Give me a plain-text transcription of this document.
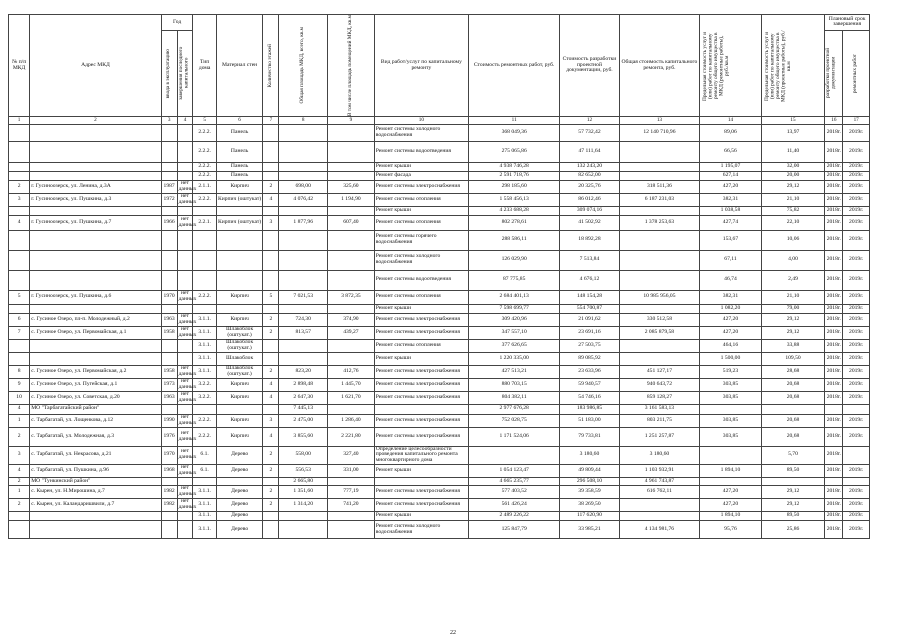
№ п/п МКД	Адрес МКД	Год		Тип дома	Материал стен	Количество этажей	Общая площадь МКД, всего, кв.м	В том числе площадь помещений МКД, кв.м	Вид работ/услуг по капитальному ремонту	Стоимость ремонтных работ, руб.	Стоимость разработки проектной документации, руб.	Общая стоимость капитального ремонта, руб.	Предельная стоимость услуг и (или) работ по капитальному ремонту общего имущества в МКД (ремонтные работы), руб./кв.м	Предельная стоимость услуг и (или) работ по капитальному ремонту общего имущества в МКД (проектные работы), руб./кв.м	Плановый срок завершения	

		ввода в эксплуатацию	завершения последнего капитального												разработки проектной документации	ремонтных работ

1	2	3	4	5	6	7	8	9	10	11	12	13	14	15	16	17
				2.2.2.	Панель				Ремонт системы холодного водоснабжения	368 049,36	57 732,42	12 140 710,96	89,06	13,97	2018г.	2019г.
				2.2.2.	Панель				Ремонт системы водоотведения	275 065,86	47 111,64		66,56	11,40	2018г.	2019г.
				2.2.2.	Панель				Ремонт крыши	4 938 746,28	132 243,20		1 195,07	32,00	2018г.	2019г.
				2.2.2.	Панель				Ремонт фасада	2 591 718,76	82 652,00		627,14	20,00	2018г.	2019г.
2	г. Гусиноозерск, ул. Ленина, д.3А	1987	нет данных	2.1.1.	Кирпич	2	698,00	325,60	Ремонт системы электроснабжения	298 185,60	20 325,76	318 511,36	427,20	29,12	2018г.	2019г.
3	г. Гусиноозерск, ул. Пушкина, д.3	1972	нет данных	2.2.2.	Кирпич (оштукат)	4	4 076,42	1 194,90	Ремонт системы отопления	1 558 456,13	86 012,46	6 187 231,03	382,31	21,10	2018г.	2019г.
									Ремонт крыши	4 233 688,28	309 074,16		1 038,58	75,82	2018г.	2019г.
4	г. Гусиноозерск, ул. Пушкина, д.7	1966	нет данных	2.2.1.	Кирпич (оштукат)	3	1 877,96	607,40	Ремонт системы отопления	802 278,61	41 502,92	1 378 253,63	427,74	22,10	2018г.	2019г.
									Ремонт системы горячего водоснабжения	288 586,11	18 892,28		153,67	10,06	2018г.	2019г.
									Ремонт системы холодного водоснабжения	126 029,90	7 513,84		67,11	4,00	2018г.	2019г.
									Ремонт системы водоотведения	87 775,85	4 676,12		46,74	2,49	2018г.	2019г.
5	г. Гусиноозерск, ул. Пушкина, д.6	1970	нет данных	2.2.2.	Кирпич	5	7 021,53	3 872,35	Ремонт системы отопления	2 684 401,13	148 154,28	10 985 956,05	382,31	21,10	2018г.	2019г.
									Ремонт крыши	7 598 699,77	554 700,87		1 082,20	79,00	2018г.	2019г.
6	с. Гусиное Озеро, пл-п. Молодежный, д.2	1963	нет данных	3.1.1.	Кирпич	2	724,30	374,90	Ремонт системы электроснабжения	309 420,96	21 091,62	330 512,58	427,20	29,12	2018г.	2019г.
7	с. Гусиное Озеро, ул. Первомайская, д.1	1958	нет данных	3.1.1.	Шлакоблок (оштукат.)	2	813,57	439,27	Ремонт системы электроснабжения	347 557,10	23 691,16	2 085 879,58	427,20	29,12	2018г.	2019г.
				3.1.1.	Шлакоблок (оштукат.)				Ремонт системы отопления	377 626,65	27 503,75		464,16	33,88	2018г.	2019г.
				3.1.1.	Шлакоблок				Ремонт крыши	1 220 335,00	89 085,92		1 500,00	109,50	2018г.	2019г.
8	с. Гусиное Озеро, ул. Первомайская, д.2	1958	нет данных	3.1.1.	Шлакоблок (оштукат.)	2	823,20	412,76	Ремонт системы электроснабжения	427 513,21	23 633,96	451 127,17	519,23	28,68	2018г.	2019г.
9	с. Гусиное Озеро, ул. Пугейская, д.1	1973	нет данных	3.2.2.	Кирпич	4	2 898,48	1 445,70	Ремонт системы электроснабжения	880 703,15	59 940,57	940 643,72	303,85	20,68	2018г.	2019г.
10	с. Гусиное Озеро, ул. Советская, д.20	1963	нет данных	3.2.2.	Кирпич	4	2 647,30	1 621,70	Ремонт системы электроснабжения	804 382,11	54 746,16	859 128,27	303,85	20,68	2018г.	2019г.
4	МО "Тарбагатайский район"						7 445,13			2 977 676,28	183 986,85	3 161 583,13				
1	с. Тарбагатай, ул. Лощенкова, д.12	1990	нет данных	2.2.2.	Кирпич	3	2 475,00	1 286,40	Ремонт системы электроснабжения	752 028,75	51 183,00	803 211,75	303,85	20,68	2018г.	2019г.
2	с. Тарбагатай, ул. Молодежная, д.3	1976	нет данных	2.2.2.	Кирпич	4	3 855,60	2 221,80	Ремонт системы электроснабжения	1 171 524,06	79 733,81	1 251 257,87	303,85	20,68	2018г.	2019г.
3	с. Тарбагатай, ул. Некрасова, д.21	1970	нет данных	6.1.	Дерево	2	558,00	327,40	Определение целесообразности проведения капитального ремонта многоквартирного дома		3 180,60	3 180,60		5,70	2018г.	
4	с. Тарбагатай, ул. Пушкина, д.96	1968	нет данных	6.1.	Дерево	2	556,53	331,00	Ремонт крыши	1 054 123,47	49 809,44	1 103 932,91	1 894,10	89,50	2018г.	2019г.
2	МО "Тункинский район"						2 665,80			4 665 235,77	296 508,10	4 961 743,87				
1	с. Кырен, ул. Н.Мирошина, д.7	1982	нет данных	3.1.1.	Дерево	2	1 351,60	777,19	Ремонт системы электроснабжения	577 403,52	39 358,59	616 762,11	427,20	29,12	2018г.	2019г.
2	с. Кырен, ул. Каландаришвили, д.7	1982	нет данных	3.1.1.	Дерево	2	1 314,20	741,20	Ремонт системы электроснабжения	561 426,24	38 269,50		427,20	29,12	2018г.	2019г.
				3.1.1.	Дерево				Ремонт крыши	2 489 226,22	117 620,90		1 894,10	89,50	2018г.	2019г.
				3.1.1.	Дерево				Ремонт системы холодного водоснабжения	125 847,79	33 985,21	4 134 981,76	95,76	25,86	2018г.	2019г.
22
